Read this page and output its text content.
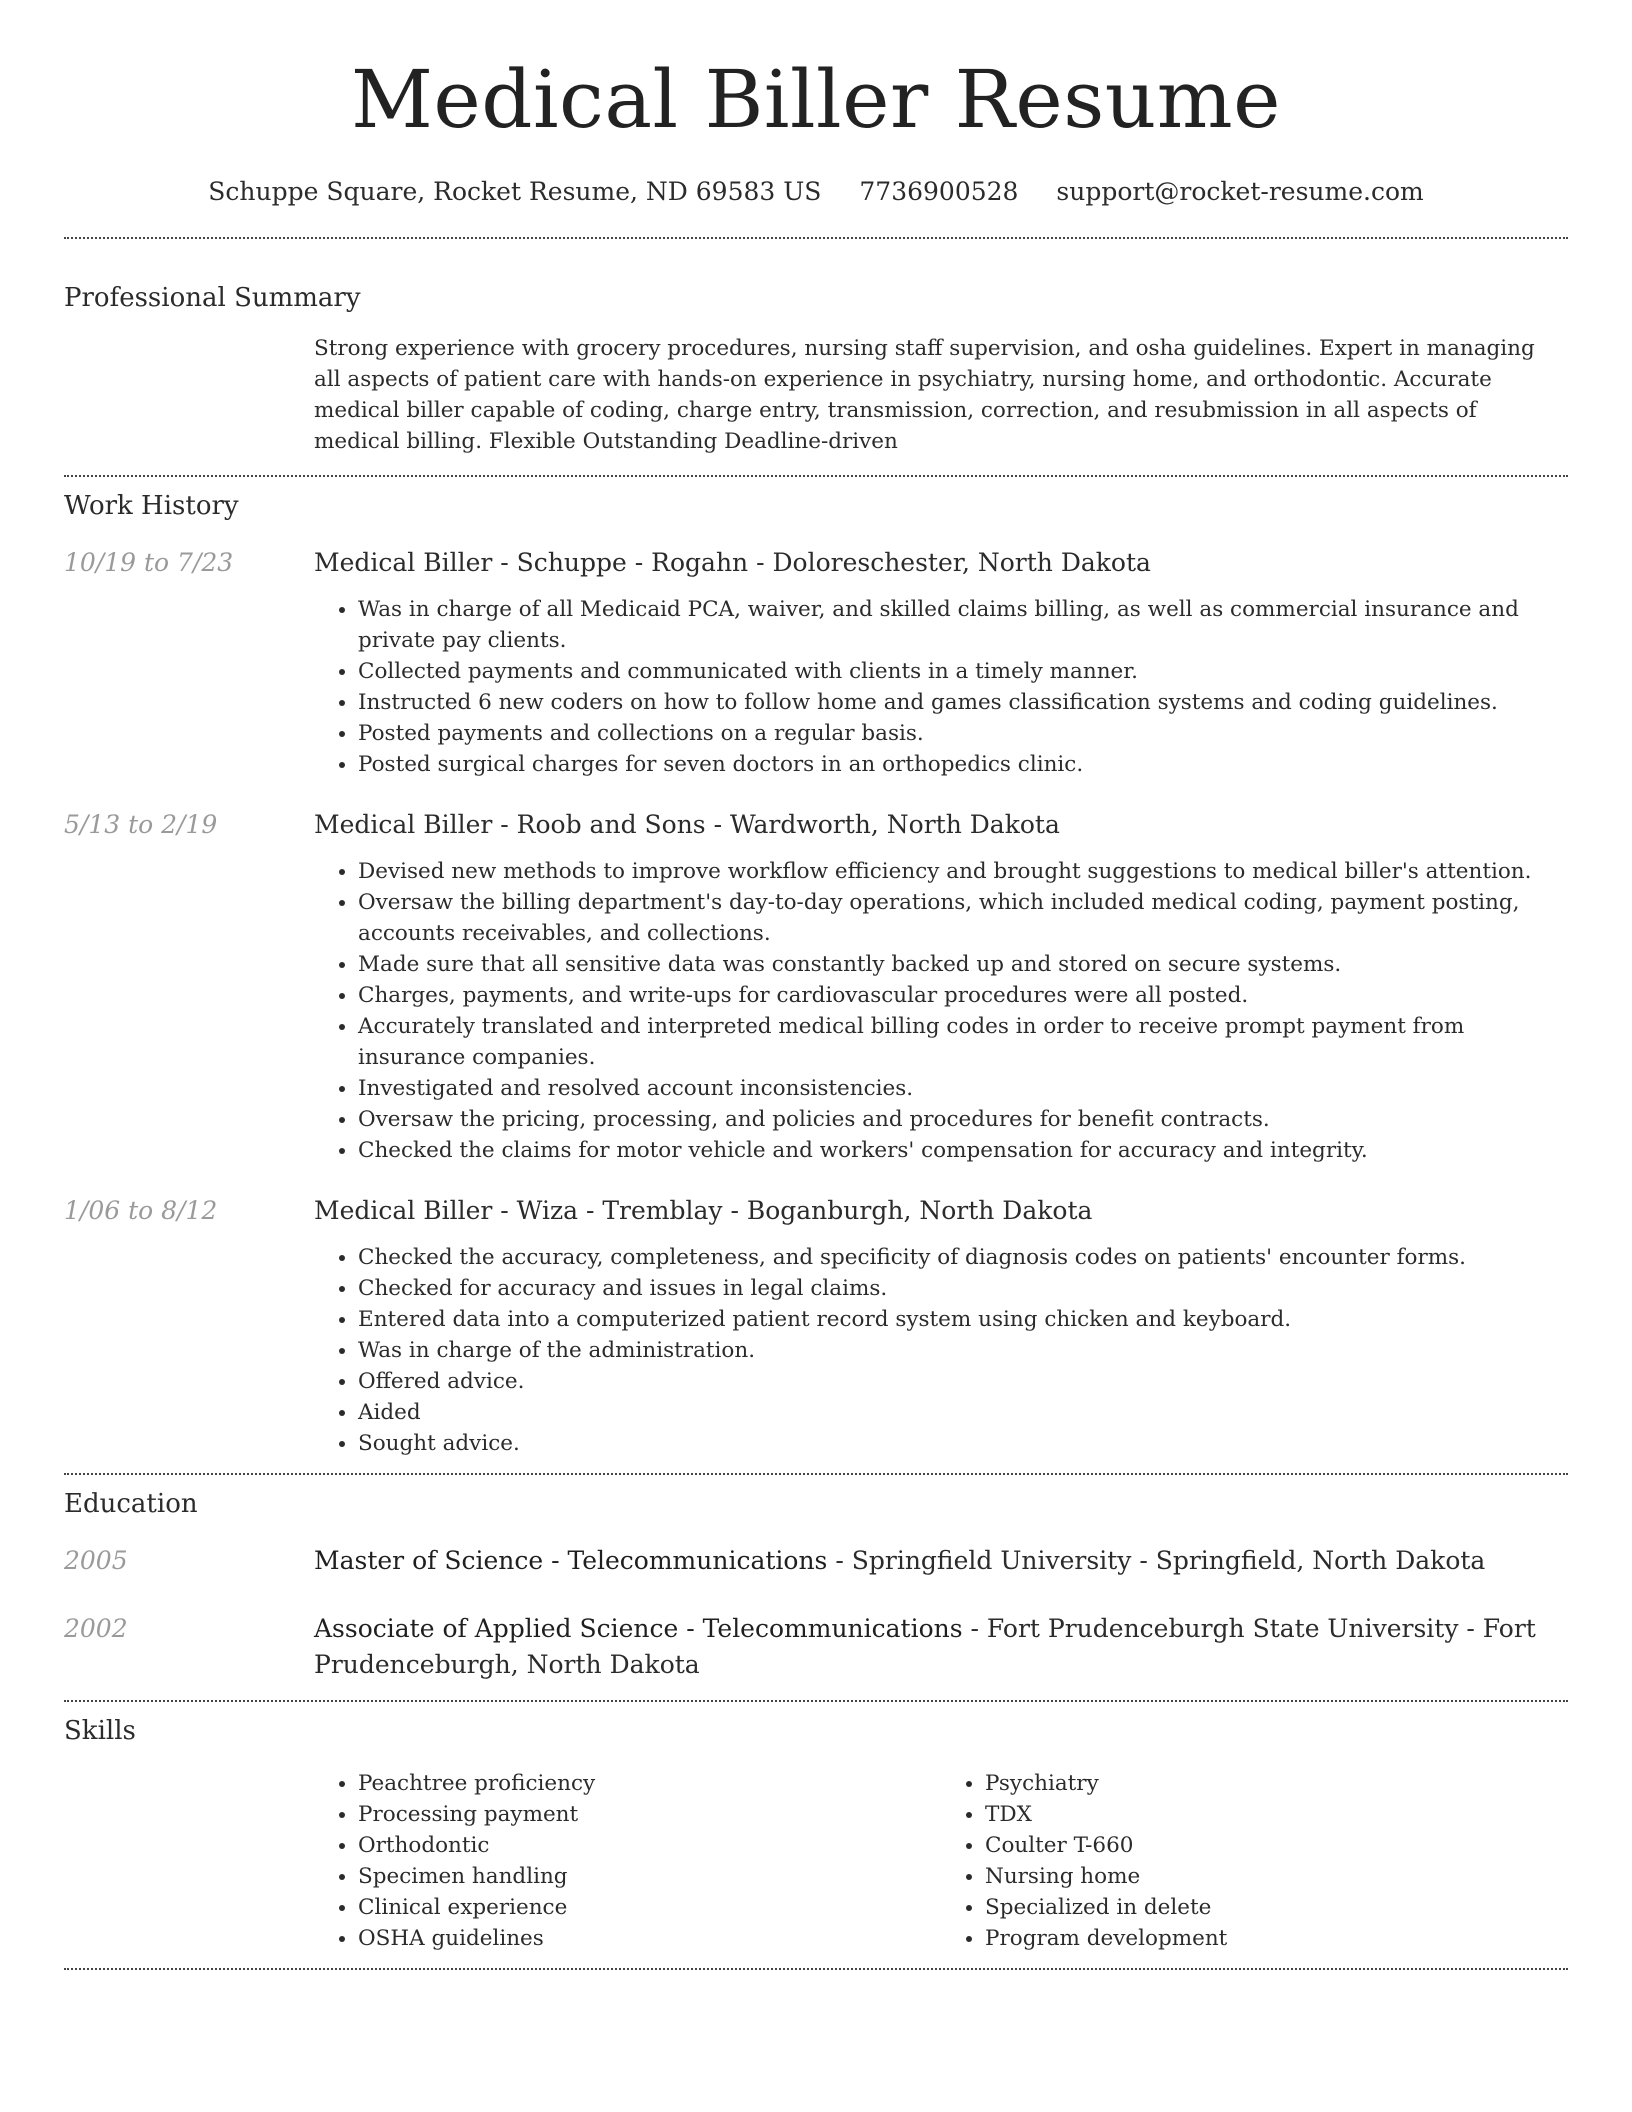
Medical Biller Resume
Schuppe Square, Rocket Resume, ND 69583 US 7736900528 support@rocket-resume.com
Professional Summary

Strong experience with grocery procedures, nursing staff supervision, and osha guidelines. Expert in managing all aspects of patient care with hands-on experience in psychiatry, nursing home, and orthodontic. Accurate medical biller capable of coding, charge entry, transmission, correction, and resubmission in all aspects of medical billing. Flexible Outstanding Deadline-driven

Work History
10/19 to 7/23	Medical Biller - Schuppe - Rogahn - Doloreschester, North Dakota
• Was in charge of all Medicaid PCA, waiver, and skilled claims billing, as well as commercial insurance and private pay clients.
• Collected payments and communicated with clients in a timely manner.
• Instructed 6 new coders on how to follow home and games classification systems and coding guidelines.
• Posted payments and collections on a regular basis.
• Posted surgical charges for seven doctors in an orthopedics clinic.
5/13 to 2/19	Medical Biller - Roob and Sons - Wardworth, North Dakota
• Devised new methods to improve workflow efficiency and brought suggestions to medical biller's attention.
• Oversaw the billing department's day-to-day operations, which included medical coding, payment posting, accounts receivables, and collections.
• Made sure that all sensitive data was constantly backed up and stored on secure systems.
• Charges, payments, and write-ups for cardiovascular procedures were all posted.
• Accurately translated and interpreted medical billing codes in order to receive prompt payment from insurance companies.
• Investigated and resolved account inconsistencies.
• Oversaw the pricing, processing, and policies and procedures for benefit contracts.
• Checked the claims for motor vehicle and workers' compensation for accuracy and integrity.
1/06 to 8/12	Medical Biller - Wiza - Tremblay - Boganburgh, North Dakota
• Checked the accuracy, completeness, and specificity of diagnosis codes on patients' encounter forms.
• Checked for accuracy and issues in legal claims.
• Entered data into a computerized patient record system using chicken and keyboard.
• Was in charge of the administration.
• Offered advice.
• Aided
• Sought advice.
Education
2005	Master of Science - Telecommunications - Springfield University - Springfield, North Dakota
2002	Associate of Applied Science - Telecommunications - Fort Prudenceburgh State University - Fort Prudenceburgh, North Dakota
Skills
• Peachtree proficiency
• Processing payment
• Orthodontic
• Specimen handling
• Clinical experience
• OSHA guidelines
• Psychiatry
• TDX
• Coulter T-660
• Nursing home
• Specialized in delete
• Program development
